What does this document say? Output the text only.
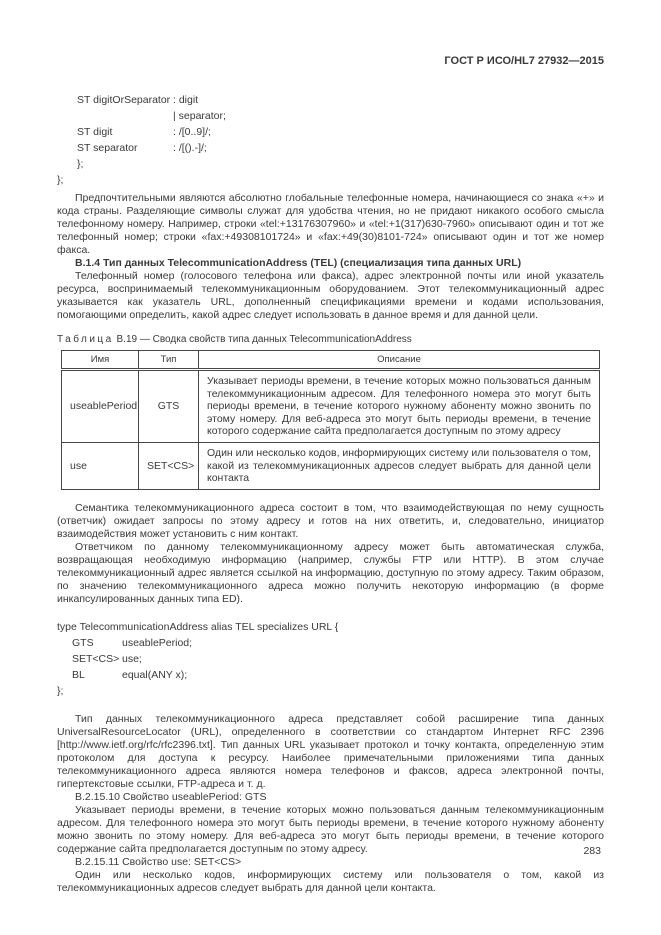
ГОСТ Р ИСО/HL7 27932—2015
ST digitOrSeparator : digit
| separator;
ST digit	: /[0..9]/;
ST separator	: /[().-]/;
};
};

Предпочтительными являются абсолютно глобальные телефонные номера, начинающиеся со знака «+» и кода страны. Разделяющие символы служат для удобства чтения, но не придают никакого особого смысла телефонному номеру. Например, строки «tel:+13176307960» и «tel:+1(317)630-7960» описывают один и тот же телефонный номер; строки «fax:+49308101724» и «fax:+49(30)8101-724» описывают один и тот же номер факса.

В.1.4 Тип данных TelecommunicationAddress (TEL) (специализация типа данных URL)

Телефонный номер (голосового телефона или факса), адрес электронной почты или иной указатель ресурса, воспринимаемый телекоммуникационным оборудованием. Этот телекоммуникационный адрес указывается как указатель URL, дополненный спецификациями времени и кодами использования, помогающими определить, какой адрес следует использовать в данное время и для данной цели.

Таблица В.19 — Сводка свойств типа данных TelecommunicationAddress
Имя	Тип	Описание
useablePeriod	GTS	Указывает периоды времени, в течение которых можно пользоваться данным телекоммуникационным адресом. Для телефонного номера это могут быть периоды времени, в течение которого нужному абоненту можно звонить по этому номеру. Для веб-адреса это могут быть периоды времени, в течение которого содержание сайта предполагается доступным по этому адресу
use	SET<CS>	Один или несколько кодов, информирующих систему или пользователя о том, какой из телекоммуникационных адресов следует выбрать для данной цели контакта

Семантика телекоммуникационного адреса состоит в том, что взаимодействующая по нему сущность (ответчик) ожидает запросы по этому адресу и готов на них ответить, и, следовательно, инициатор взаимодействия может установить с ним контакт.

Ответчиком по данному телекоммуникационному адресу может быть автоматическая служба, возвращающая необходимую информацию (например, службы FTP или HTTP). В этом случае телекоммуникационный адрес является ссылкой на информацию, доступную по этому адресу. Таким образом, по значению телекоммуникационного адреса можно получить некоторую информацию (в форме инкапсулированных данных типа ED).

type TelecommunicationAddress alias TEL specializes URL {
GTS	useablePeriod;
SET<CS> use;
BL	equal(ANY x);
};

Тип данных телекоммуникационного адреса представляет собой расширение типа данных UniversalResourceLocator (URL), определенного в соответствии со стандартом Интернет RFC 2396 [http://www.ietf.org/rfc/rfc2396.txt]. Тип данных URL указывает протокол и точку контакта, определенную этим протоколом для доступа к ресурсу. Наиболее примечательными приложениями типа данных телекоммуникационного адреса являются номера телефонов и факсов, адреса электронной почты, гипертекстовые ссылки, FTP-адреса и т. д.

В.2.15.10 Свойство useablePeriod: GTS

Указывает периоды времени, в течение которых можно пользоваться данным телекоммуникационным адресом. Для телефонного номера это могут быть периоды времени, в течение которого нужному абоненту можно звонить по этому номеру. Для веб-адреса это могут быть периоды времени, в течение которого содержание сайта предполагается доступным по этому адресу.

В.2.15.11 Свойство use: SET<CS>

Один или несколько кодов, информирующих систему или пользователя о том, какой из телекоммуникационных адресов следует выбрать для данной цели контакта.

283
